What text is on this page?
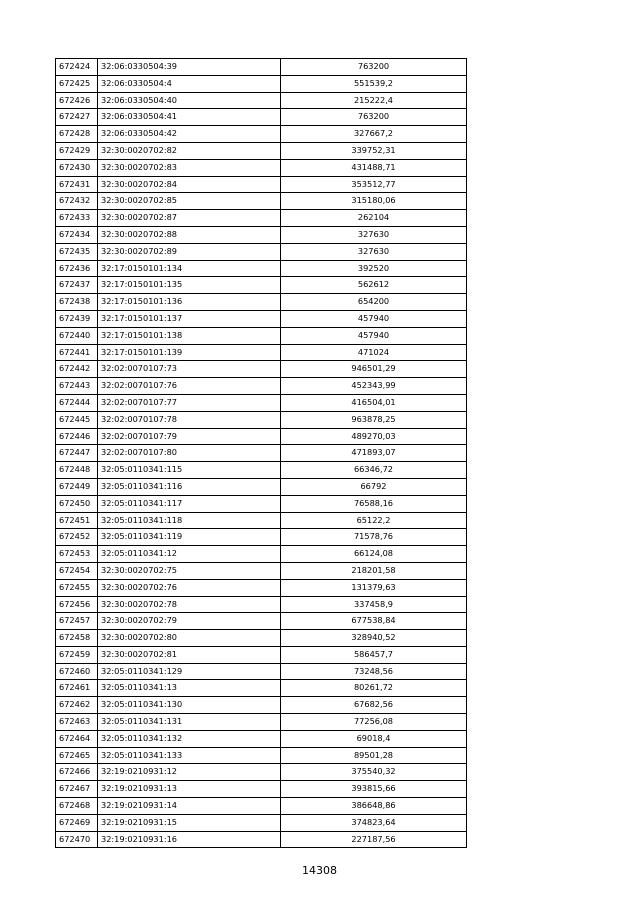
672424	32:06:0330504:39	763200
672425	32:06:0330504:4	551539,2
672426	32:06:0330504:40	215222,4
672427	32:06:0330504:41	763200
672428	32:06:0330504:42	327667,2
672429	32:30:0020702:82	339752,31
672430	32:30:0020702:83	431488,71
672431	32:30:0020702:84	353512,77
672432	32:30:0020702:85	315180,06
672433	32:30:0020702:87	262104
672434	32:30:0020702:88	327630
672435	32:30:0020702:89	327630
672436	32:17:0150101:134	392520
672437	32:17:0150101:135	562612
672438	32:17:0150101:136	654200
672439	32:17:0150101:137	457940
672440	32:17:0150101:138	457940
672441	32:17:0150101:139	471024
672442	32:02:0070107:73	946501,29
672443	32:02:0070107:76	452343,99
672444	32:02:0070107:77	416504,01
672445	32:02:0070107:78	963878,25
672446	32:02:0070107:79	489270,03
672447	32:02:0070107:80	471893,07
672448	32:05:0110341:115	66346,72
672449	32:05:0110341:116	66792
672450	32:05:0110341:117	76588,16
672451	32:05:0110341:118	65122,2
672452	32:05:0110341:119	71578,76
672453	32:05:0110341:12	66124,08
672454	32:30:0020702:75	218201,58
672455	32:30:0020702:76	131379,63
672456	32:30:0020702:78	337458,9
672457	32:30:0020702:79	677538,84
672458	32:30:0020702:80	328940,52
672459	32:30:0020702:81	586457,7
672460	32:05:0110341:129	73248,56
672461	32:05:0110341:13	80261,72
672462	32:05:0110341:130	67682,56
672463	32:05:0110341:131	77256,08
672464	32:05:0110341:132	69018,4
672465	32:05:0110341:133	89501,28
672466	32:19:0210931:12	375540,32
672467	32:19:0210931:13	393815,66
672468	32:19:0210931:14	386648,86
672469	32:19:0210931:15	374823,64
672470	32:19:0210931:16	227187,56
14308
